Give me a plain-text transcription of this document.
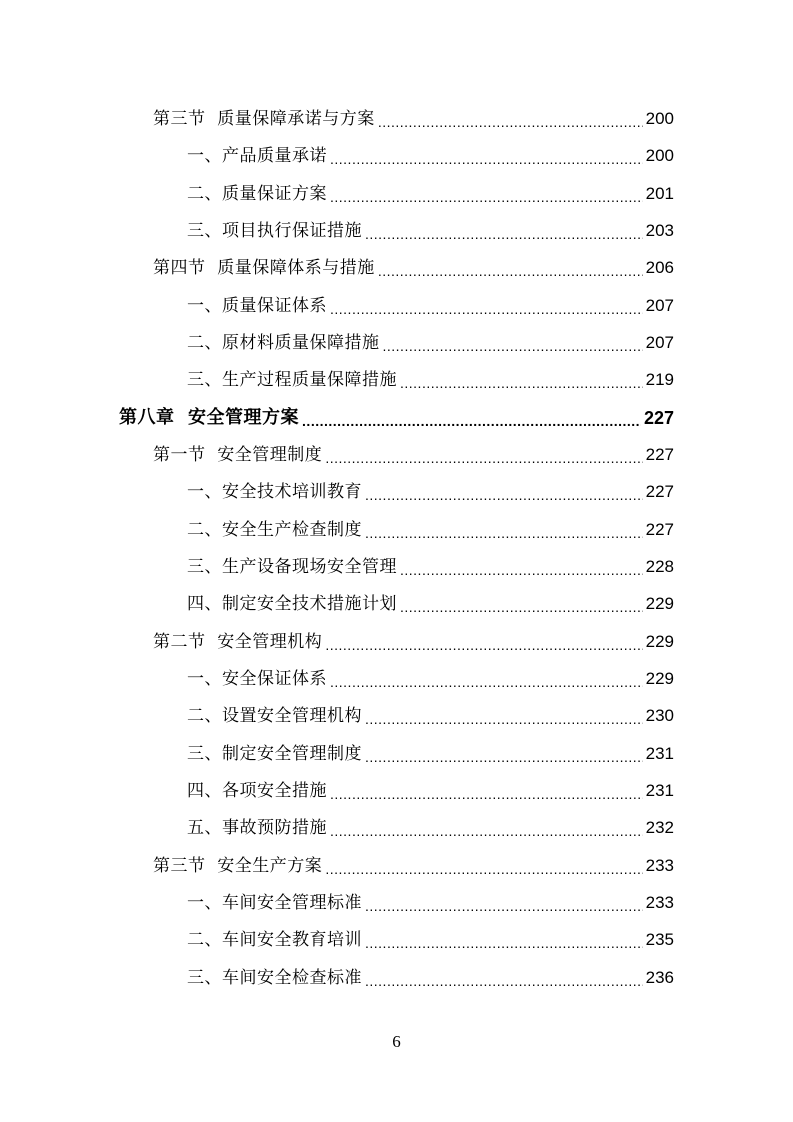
第三节  质量保障承诺与方案 .....	200
一、产品质量承诺 .....	200
二、质量保证方案 .....	201
三、项目执行保证措施 .....	203
第四节  质量保障体系与措施 .....	206
一、质量保证体系 .....	207
二、原材料质量保障措施 .....	207
三、生产过程质量保障措施 .....	219
第八章  安全管理方案 .....	227
第一节  安全管理制度 .....	227
一、安全技术培训教育 .....	227
二、安全生产检查制度 .....	227
三、生产设备现场安全管理 .....	228
四、制定安全技术措施计划 .....	229
第二节  安全管理机构 .....	229
一、安全保证体系 .....	229
二、设置安全管理机构 .....	230
三、制定安全管理制度 .....	231
四、各项安全措施 .....	231
五、事故预防措施 .....	232
第三节  安全生产方案 .....	233
一、车间安全管理标准 .....	233
二、车间安全教育培训 .....	235
三、车间安全检查标准 .....	236
6
